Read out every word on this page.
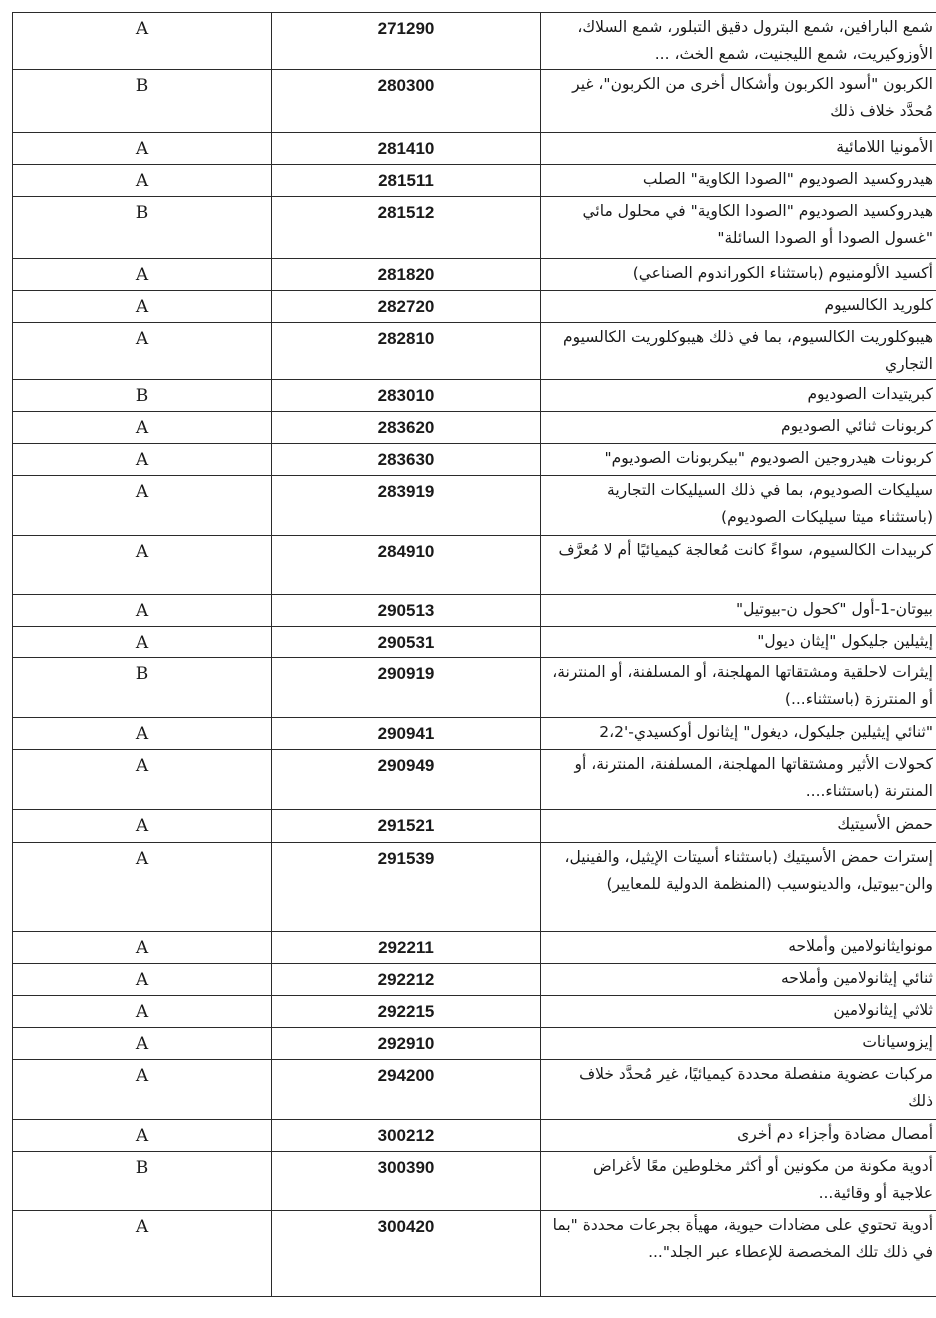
A	271290	شمع البارافين، شمع البترول دقيق التبلور، شمع السلاك، الأوزوكيريت، شمع الليجنيت، شمع الخث، ...
B	280300	الكربون "أسود الكربون وأشكال أخرى من الكربون"، غير مُحدَّد خلاف ذلك
A	281410	الأمونيا اللامائية
A	281511	هيدروكسيد الصوديوم "الصودا الكاوية" الصلب
B	281512	هيدروكسيد الصوديوم "الصودا الكاوية" في محلول مائي "غسول الصودا أو الصودا السائلة"
A	281820	أكسيد الألومنيوم (باستثناء الكوراندوم الصناعي)
A	282720	كلوريد الكالسيوم
A	282810	هيبوكلوريت الكالسيوم، بما في ذلك هيبوكلوريت الكالسيوم التجاري
B	283010	كبريتيدات الصوديوم
A	283620	كربونات ثنائي الصوديوم
A	283630	كربونات هيدروجين الصوديوم "بيكربونات الصوديوم"
A	283919	سيليكات الصوديوم، بما في ذلك السيليكات التجارية (باستثناء ميتا سيليكات الصوديوم)
A	284910	كربيدات الكالسيوم، سواءً كانت مُعالجة كيميائيًا أم لا مُعرَّف
A	290513	بيوتان-1-أول "كحول ن-بيوتيل"
A	290531	إيثيلين جليكول "إيثان ديول"
B	290919	إيثرات لاحلقية ومشتقاتها المهلجنة، أو المسلفنة، أو المنترنة، أو المنترزة (باستثناء...)
A	290941	"ثنائي إيثيلين جليكول، ديغول" إيثانول أوكسيدي-'2،2
A	290949	كحولات الأثير ومشتقاتها المهلجنة، المسلفنة، المنترنة، أو المنترنة (باستثناء....
A	291521	حمض الأسيتيك
A	291539	إسترات حمض الأسيتيك (باستثناء أسيتات الإيثيل، والفينيل، والن-بيوتيل، والدينوسيب (المنظمة الدولية للمعايير)
A	292211	مونوايثانولامين وأملاحه
A	292212	ثنائي إيثانولامين وأملاحه
A	292215	ثلاثي إيثانولامين
A	292910	إيزوسيانات
A	294200	مركبات عضوية منفصلة محددة كيميائيًا، غير مُحدَّد خلاف ذلك
A	300212	أمصال مضادة وأجزاء دم أخرى
B	300390	أدوية مكونة من مكونين أو أكثر مخلوطين معًا لأغراض علاجية أو وقائية...
A	300420	أدوية تحتوي على مضادات حيوية، مهيأة بجرعات محددة "بما في ذلك تلك المخصصة للإعطاء عبر الجلد"...
